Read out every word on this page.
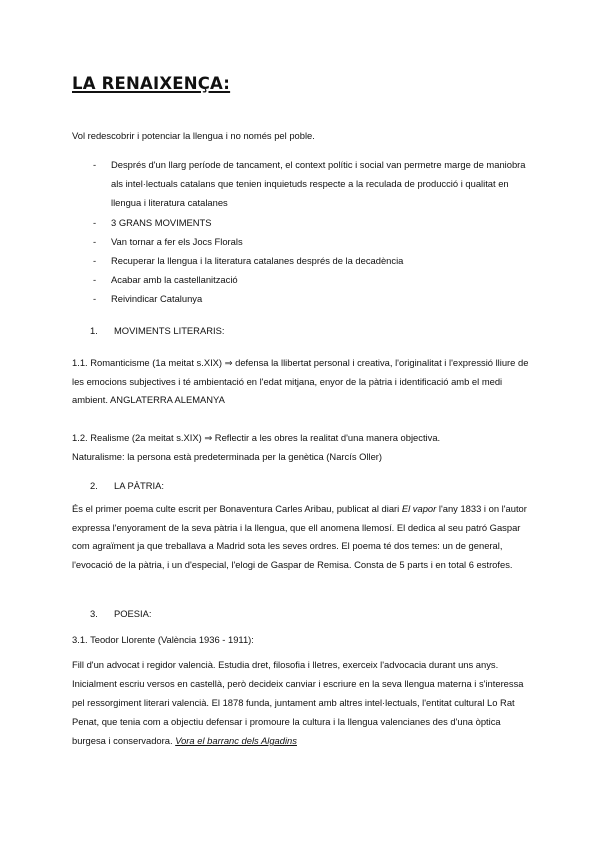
LA RENAIXENÇA:

Vol redescobrir i potenciar la llengua i no només pel poble.

- Després d'un llarg període de tancament, el context polític i social van permetre marge de maniobra als intel·lectuals catalans que tenien inquietuds respecte a la reculada de producció i qualitat en llengua i literatura catalanes
- 3 GRANS MOVIMENTS
- Van tornar a fer els Jocs Florals
- Recuperar la llengua i la literatura catalanes després de la decadència
- Acabar amb la castellanització
- Reivindicar Catalunya

1. MOVIMENTS LITERARIS:

1.1. Romanticisme (1a meitat s.XIX) ⇒ defensa la llibertat personal i creativa, l'originalitat i l'expressió lliure de les emocions subjectives i té ambientació en l'edat mitjana, enyor de la pàtria i identificació amb el medi ambient. ANGLATERRA ALEMANYA

1.2. Realisme (2a meitat s.XIX) ⇒ Reflectir a les obres la realitat d'una manera objectiva.
Naturalisme: la persona està predeterminada per la genètica (Narcís Oller)

2. LA PÀTRIA:

És el primer poema culte escrit per Bonaventura Carles Aribau, publicat al diari El vapor l'any 1833 i on l'autor expressa l'enyorament de la seva pàtria i la llengua, que ell anomena llemosí. El dedica al seu patró Gaspar com agraïment ja que treballava a Madrid sota les seves ordres. El poema té dos temes: un de general, l'evocació de la pàtria, i un d'especial, l'elogi de Gaspar de Remisa. Consta de 5 parts i en total 6 estrofes.

3. POESIA:

3.1. Teodor Llorente (València 1936 - 1911):

Fill d'un advocat i regidor valencià. Estudia dret, filosofia i lletres, exerceix l'advocacia durant uns anys. Inicialment escriu versos en castellà, però decideix canviar i escriure en la seva llengua materna i s'interessa pel ressorgiment literari valencià. El 1878 funda, juntament amb altres intel·lectuals, l'entitat cultural Lo Rat Penat, que tenia com a objectiu defensar i promoure la cultura i la llengua valencianes des d'una òptica burgesa i conservadora. Vora el barranc dels Algadins
